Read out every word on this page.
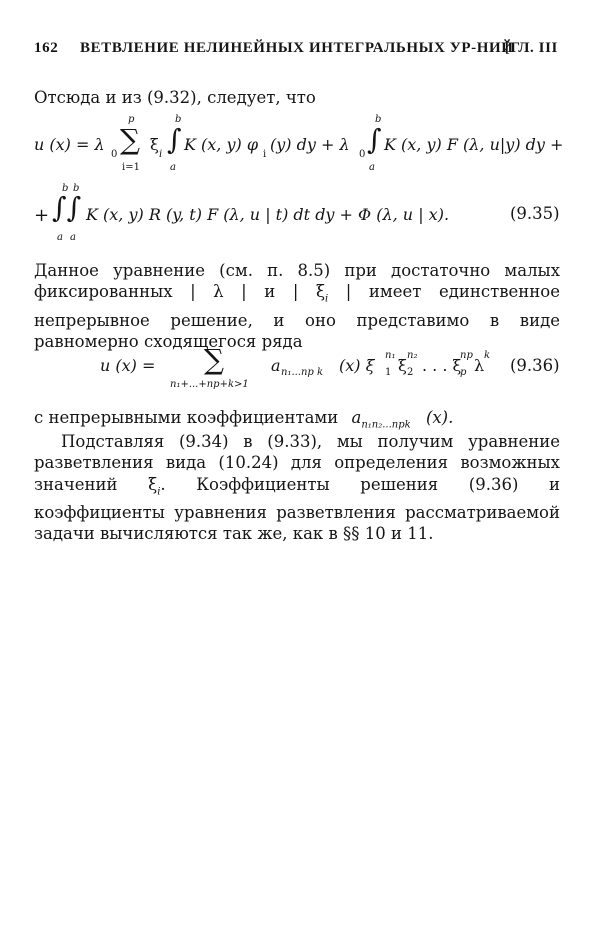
162 ВЕТВЛЕНИЕ НЕЛИНЕЙНЫХ ИНТЕГРАЛЬНЫХ УР-НИЙ
[ГЛ. III
Отсюда и из (9.32), следует, что
u (x) = λ
0
p
∑
i=1
ξ
i
b
∫
a
K (x, y) φ
i
(y) dy + λ
0
b
∫
a
K (x, y) F (λ, u|y) dy +
+
b b
∫∫
a a
K (x, y) R (y, t) F (λ, u | t) dt dy + Φ (λ, u | x).	(9.35)
Данное уравнение (см. п. 8.5) при достаточно малых фиксированных | λ | и | $\xi_i$ | имеет единственное непрерывное решение, и оно представимо в виде равномерно сходящегося ряда
u (x) = ∑
n₁+...+np+k>1
a n₁...np k (x) ξ
n₁
1 ξ
n₂
2 . . . ξ
np
p λ
k
(9.36)
с непрерывными коэффициентами $a_{n_1n_2...npk}$ (x).
Подставляя (9.34) в (9.33), мы получим уравнение разветвления вида (10.24) для определения возможных значений $\xi_i$. Коэффициенты решения (9.36) и коэффициенты уравнения разветвления рассматриваемой задачи вычисляются так же, как в §§ 10 и 11.
